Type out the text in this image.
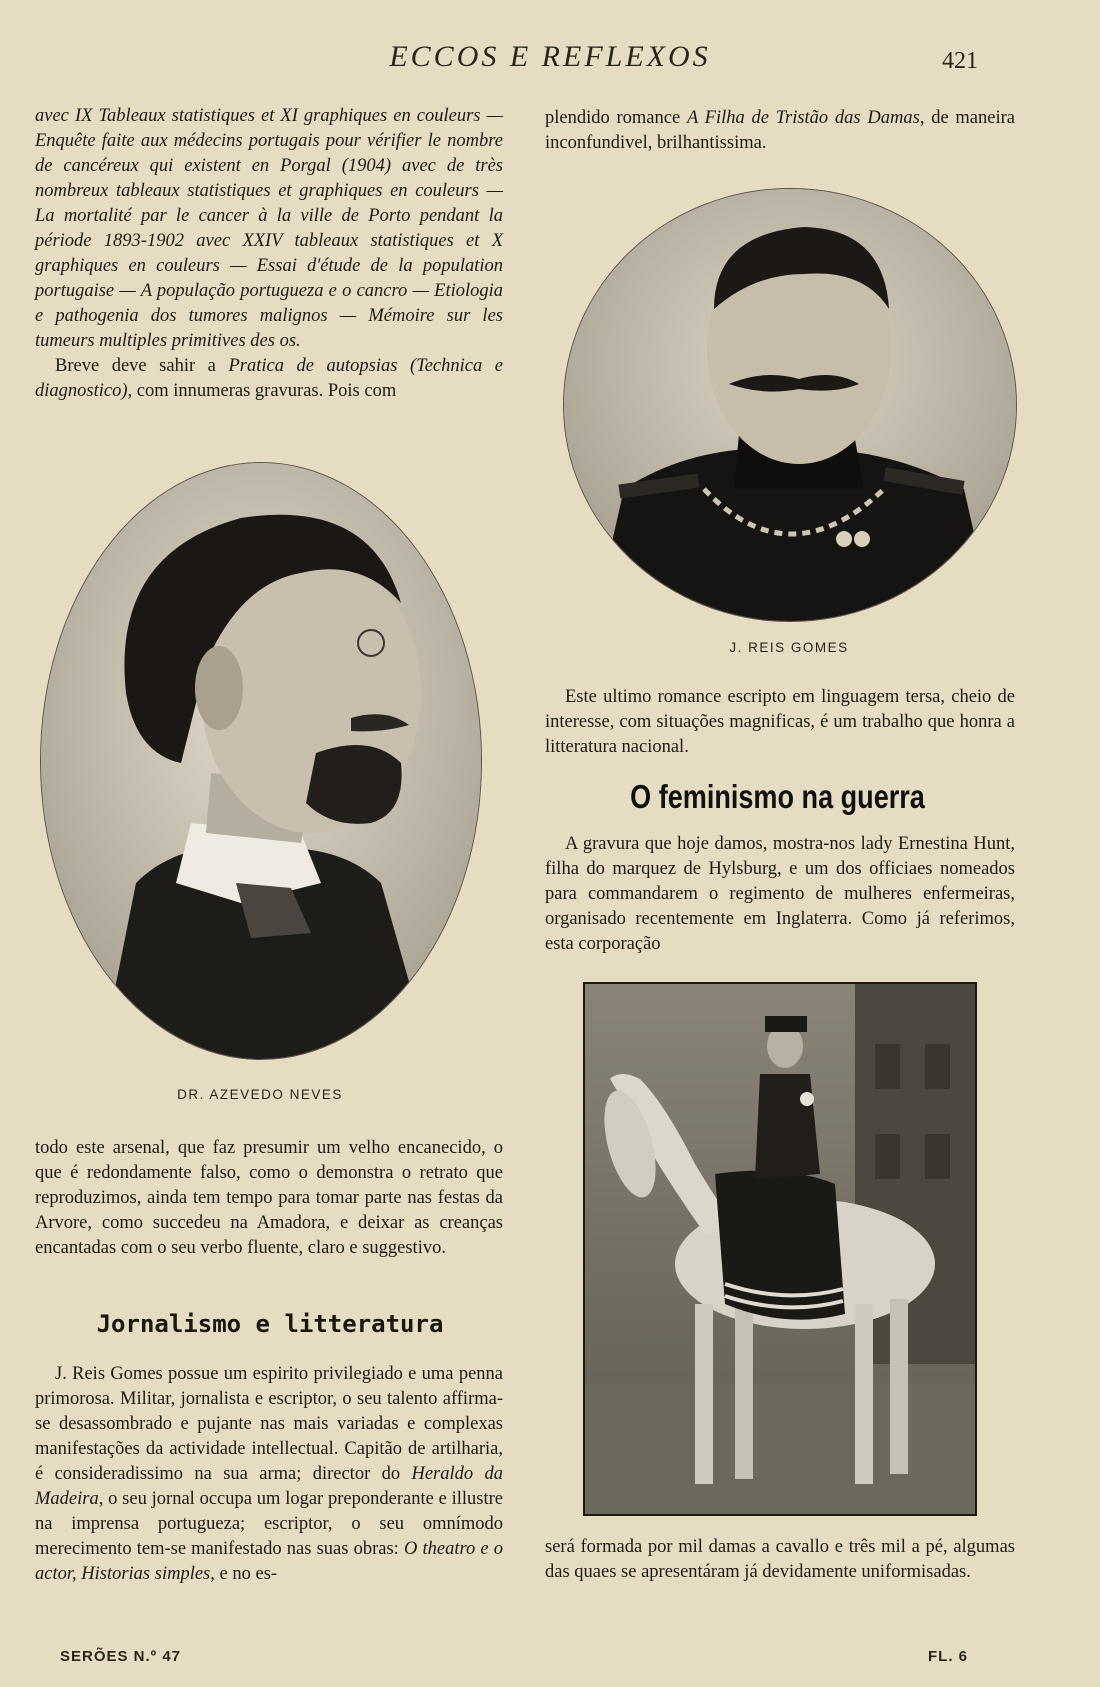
ECCOS E REFLEXOS	421

avec IX Tableaux statistiques et XI graphiques en couleurs — Enquête faite aux médecins portugais pour vérifier le nombre de cancéreux qui existent en Porgal (1904) avec de très nombreux tableaux statistiques et graphiques en couleurs — La mortalité par le cancer à la ville de Porto pendant la période 1893-1902 avec XXIV tableaux statistiques et X graphiques en couleurs — Essai d'étude de la population portugaise — A população portugueza e o cancro — Etiologia e pathogenia dos tumores malignos — Mémoire sur les tumeurs multiples primitives des os.

Breve deve sahir a Pratica de autopsias (Technica e diagnostico), com innumeras gravuras. Pois com

DR. AZEVEDO NEVES

todo este arsenal, que faz presumir um velho encanecido, o que é redondamente falso, como o demonstra o retrato que reproduzimos, ainda tem tempo para tomar parte nas festas da Arvore, como succedeu na Amadora, e deixar as creanças encantadas com o seu verbo fluente, claro e suggestivo.

Jornalismo e litteratura

J. Reis Gomes possue um espirito privilegiado e uma penna primorosa. Militar, jornalista e escriptor, o seu talento affirma-se desassombrado e pujante nas mais variadas e complexas manifestações da actividade intellectual. Capitão de artilharia, é consideradissimo na sua arma; director do Heraldo da Madeira, o seu jornal occupa um logar preponderante e illustre na imprensa portugueza; escriptor, o seu omnímodo merecimento tem-se manifestado nas suas obras: O theatro e o actor, Historias simples, e no es-

plendido romance A Filha de Tristão das Damas, de maneira inconfundivel, brilhantissima.

J. REIS GOMES

Este ultimo romance escripto em linguagem tersa, cheio de interesse, com situações magnificas, é um trabalho que honra a litteratura nacional.

O feminismo na guerra

A gravura que hoje damos, mostra-nos lady Ernestina Hunt, filha do marquez de Hylsburg, e um dos officiaes nomeados para commandarem o regimento de mulheres enfermeiras, organisado recentemente em Inglaterra. Como já referimos, esta corporação

será formada por mil damas a cavallo e três mil a pé, algumas das quaes se apresentáram já devidamente uniformisadas.

SERÕES N.º 47	FL. 6
